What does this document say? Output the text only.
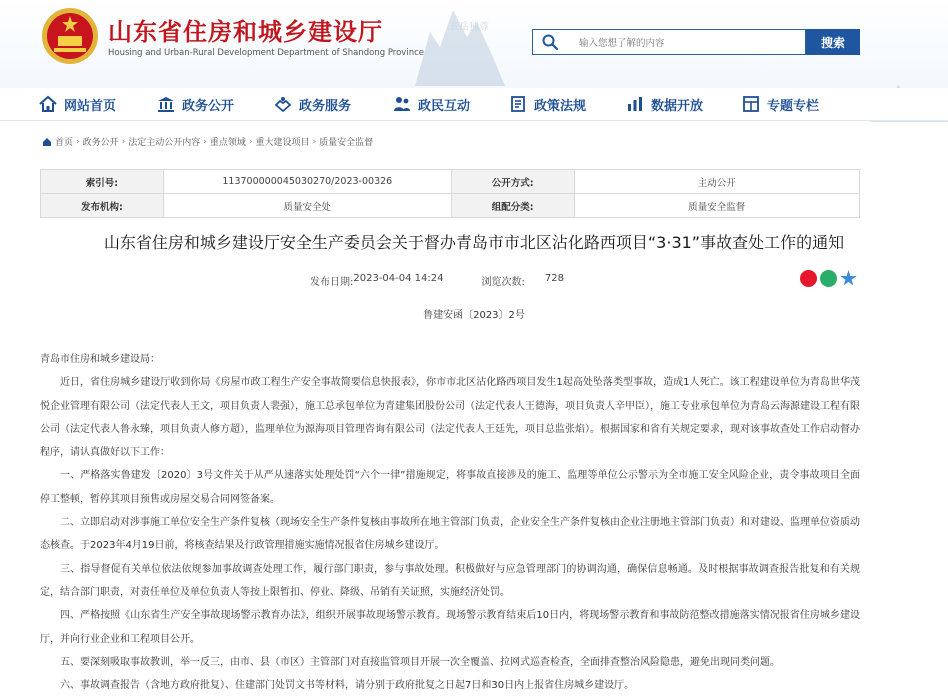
五岳独尊
山东省住房和城乡建设厅
Housing and Urban-Rural Development Department of Shandong Province
输入您想了解的内容
搜索
网站首页	政务公开	政务服务	政民互动	政策法规	数据开放	专题专栏
首页 › 政务公开 › 法定主动公开内容 › 重点领域 › 重大建设项目 › 质量安全监督
索引号:	113700000045030270/2023-00326	公开方式:	主动公开
发布机构:	质量安全处	组配分类:	质量安全监督
山东省住房和城乡建设厅安全生产委员会关于督办青岛市市北区沾化路西项目“3·31”事故查处工作的通知
发布日期: 2023-04-04 14:24	浏览次数: 728
鲁建安函〔2023〕2号

青岛市住房和城乡建设局：

近日，省住房城乡建设厅收到你局《房屋市政工程生产安全事故简要信息快报表》，你市市北区沾化路西项目发生1起高处坠落类型事故，造成1人死亡。该工程建设单位为青岛世华茂悦企业管理有限公司（法定代表人王文，项目负责人裴强），施工总承包单位为青建集团股份公司（法定代表人王德海，项目负责人辛甲臣），施工专业承包单位为青岛云海源建设工程有限公司（法定代表人鲁永臻，项目负责人修方超），监理单位为源海项目管理咨询有限公司（法定代表人王廷先，项目总监张焰）。根据国家和省有关规定要求，现对该事故查处工作启动督办程序，请认真做好以下工作：

一、严格落实鲁建发〔2020〕3号文件关于从严从速落实处理处罚“六个一律”措施规定，将事故直接涉及的施工、监理等单位公示警示为全市施工安全风险企业，责令事故项目全面停工整顿，暂停其项目预售或房屋交易合同网签备案。

二、立即启动对涉事施工单位安全生产条件复核（现场安全生产条件复核由事故所在地主管部门负责，企业安全生产条件复核由企业注册地主管部门负责）和对建设、监理单位资质动态核查。于2023年4月19日前，将核查结果及行政管理措施实施情况报省住房城乡建设厅。

三、指导督促有关单位依法依规参加事故调查处理工作，履行部门职责，参与事故处理。积极做好与应急管理部门的协调沟通，确保信息畅通。及时根据事故调查报告批复和有关规定，结合部门职责，对责任单位及单位负责人等按上限暂扣、停业、降级、吊销有关证照，实施经济处罚。

四、严格按照《山东省生产安全事故现场警示教育办法》，组织开展事故现场警示教育。现场警示教育结束后10日内，将现场警示教育和事故防范整改措施落实情况报省住房城乡建设厅，并向行业企业和工程项目公开。

五、要深刻吸取事故教训，举一反三，由市、县（市区）主管部门对直接监管项目开展一次全覆盖、拉网式巡查检查，全面排查整治风险隐患，避免出现同类问题。

六、事故调查报告（含地方政府批复）、住建部门处罚文书等材料，请分别于政府批复之日起7日和30日内上报省住房城乡建设厅。
